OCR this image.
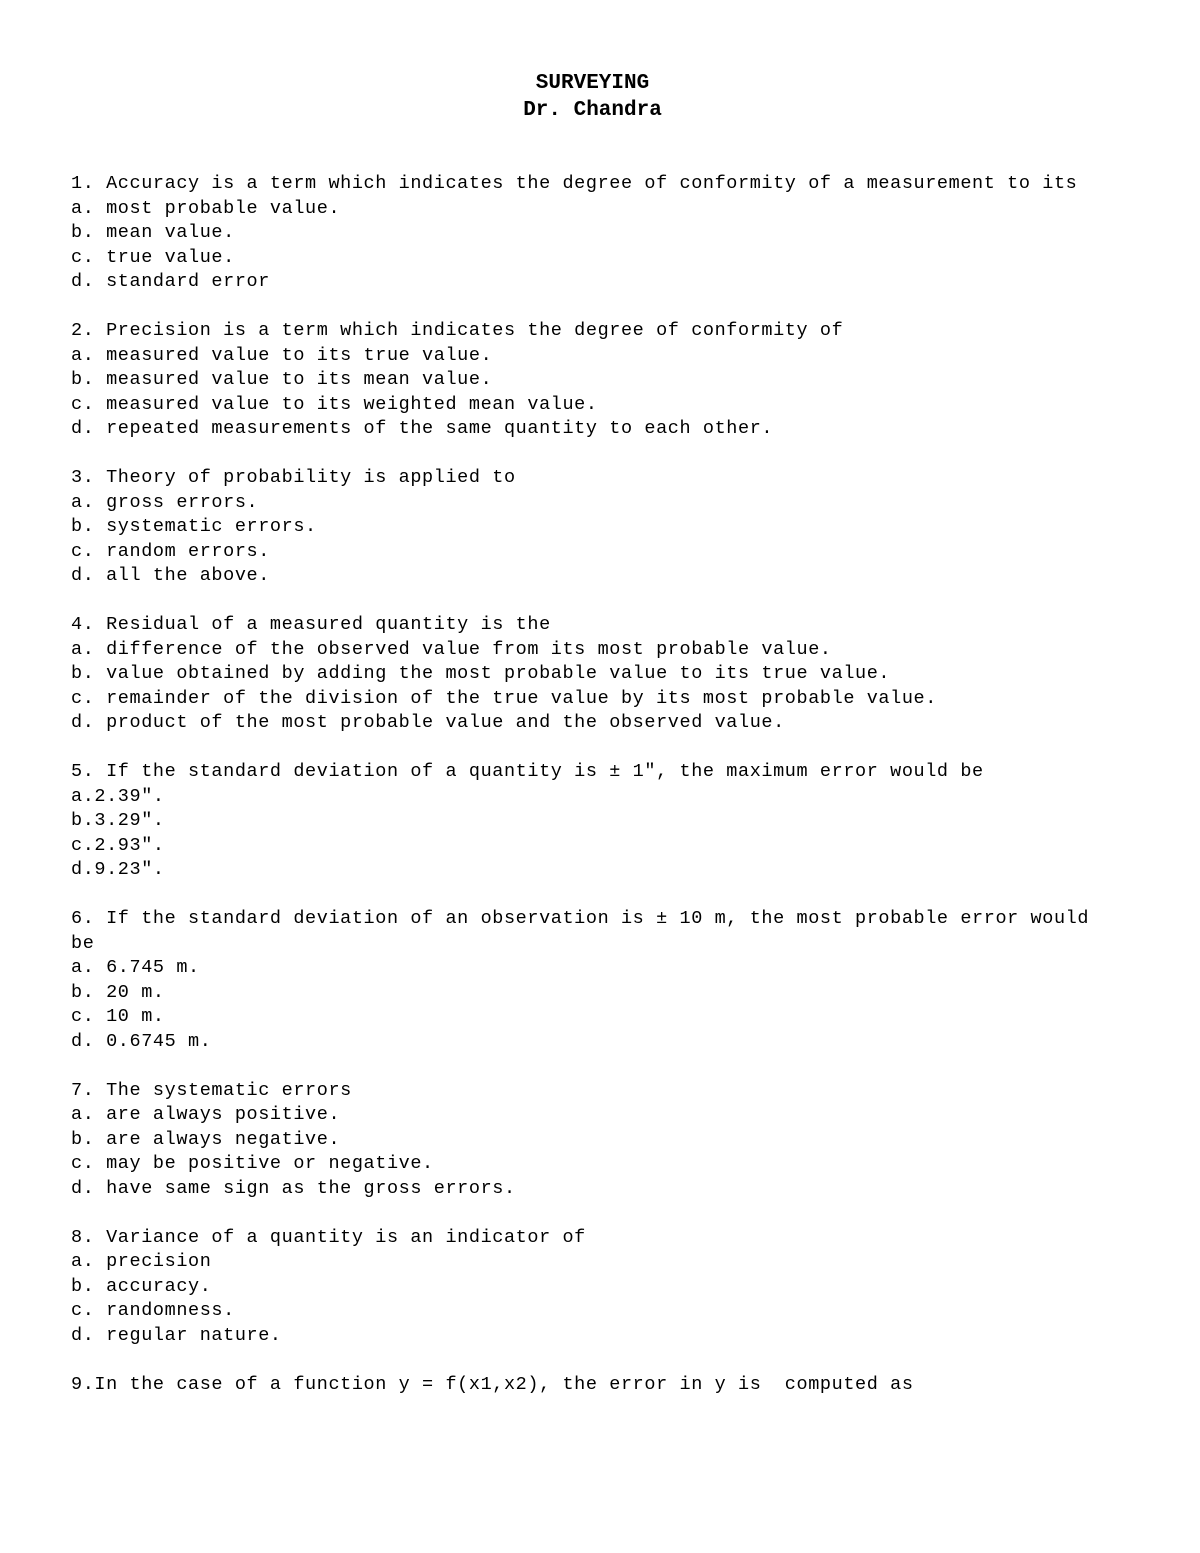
SURVEYING
Dr. Chandra
1. Accuracy is a term which indicates the degree of conformity of a measurement to its
a. most probable value.
b. mean value.
c. true value.
d. standard error
2. Precision is a term which indicates the degree of conformity of
a. measured value to its true value.
b. measured value to its mean value.
c. measured value to its weighted mean value.
d. repeated measurements of the same quantity to each other.
3. Theory of probability is applied to
a. gross errors.
b. systematic errors.
c. random errors.
d. all the above.
4. Residual of a measured quantity is the
a. difference of the observed value from its most probable value.
b. value obtained by adding the most probable value to its true value.
c. remainder of the division of the true value by its most probable value.
d. product of the most probable value and the observed value.
5. If the standard deviation of a quantity is ± 1", the maximum error would be
a.2.39".
b.3.29".
c.2.93".
d.9.23".
6. If the standard deviation of an observation is ± 10 m, the most probable error would be
a. 6.745 m.
b. 20 m.
c. 10 m.
d. 0.6745 m.
7. The systematic errors
a. are always positive.
b. are always negative.
c. may be positive or negative.
d. have same sign as the gross errors.
8. Variance of a quantity is an indicator of
a. precision
b. accuracy.
c. randomness.
d. regular nature.
9.In the case of a function y = f(x1,x2), the error in y is  computed as
